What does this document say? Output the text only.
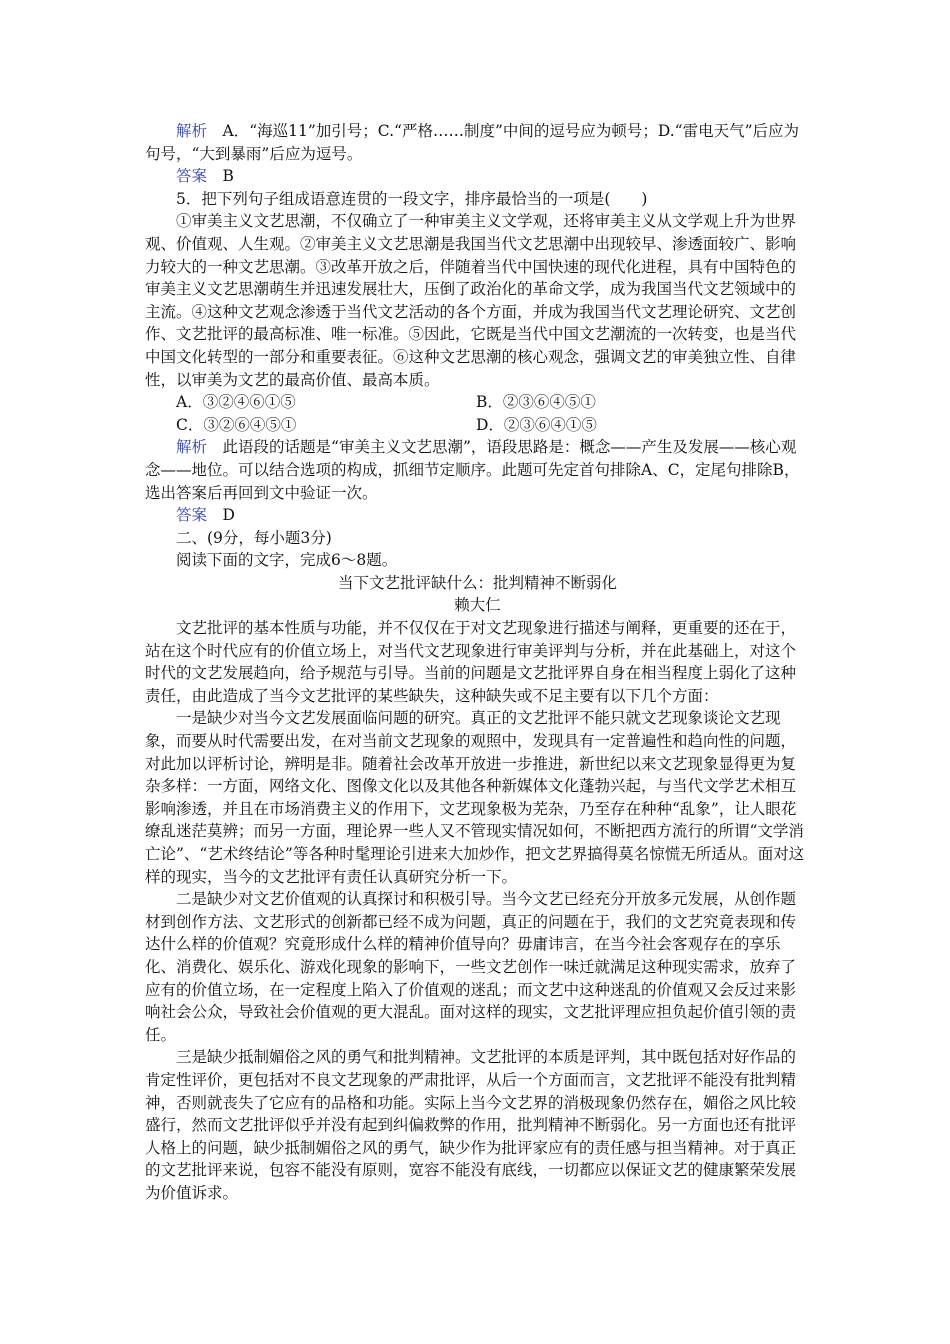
解析　 A．“海巡11”加引号；C.“严格……制度”中间的逗号应为顿号；D.“雷电天气”后应为句号，“大到暴雨”后应为逗号。

答案　 B

5．把下列句子组成语意连贯的一段文字，排序最恰当的一项是(　　)

①审美主义文艺思潮，不仅确立了一种审美主义文学观，还将审美主义从文学观上升为世界观、价值观、人生观。②审美主义文艺思潮是我国当代文艺思潮中出现较早、渗透面较广、影响力较大的一种文艺思潮。③改革开放之后，伴随着当代中国快速的现代化进程，具有中国特色的审美主义文艺思潮萌生并迅速发展壮大，压倒了政治化的革命文学，成为我国当代文艺领域中的主流。④这种文艺观念渗透于当代文艺活动的各个方面，并成为我国当代文艺理论研究、文艺创作、文艺批评的最高标准、唯一标准。⑤因此，它既是当代中国文艺潮流的一次转变，也是当代中国文化转型的一部分和重要表征。⑥这种文艺思潮的核心观念，强调文艺的审美独立性、自律性，以审美为文艺的最高价值、最高本质。

A．③②④⑥①⑤	B．②③⑥④⑤①
C．③②⑥④⑤①	D．②③⑥④①⑤

解析　 此语段的话题是“审美主义文艺思潮”，语段思路是：概念——产生及发展——核心观念——地位。可以结合选项的构成，抓细节定顺序。此题可先定首句排除A、C，定尾句排除B，选出答案后再回到文中验证一次。

答案　 D

二、(9分，每小题3分)

阅读下面的文字，完成6～8题。

当下文艺批评缺什么：批判精神不断弱化

赖大仁

文艺批评的基本性质与功能，并不仅仅在于对文艺现象进行描述与阐释，更重要的还在于，站在这个时代应有的价值立场上，对当代文艺现象进行审美评判与分析，并在此基础上，对这个时代的文艺发展趋向，给予规范与引导。当前的问题是文艺批评界自身在相当程度上弱化了这种责任，由此造成了当今文艺批评的某些缺失，这种缺失或不足主要有以下几个方面：

一是缺少对当今文艺发展面临问题的研究。真正的文艺批评不能只就文艺现象谈论文艺现象，而要从时代需要出发，在对当前文艺现象的观照中，发现具有一定普遍性和趋向性的问题，对此加以评析讨论，辨明是非。随着社会改革开放进一步推进，新世纪以来文艺现象显得更为复杂多样：一方面，网络文化、图像文化以及其他各种新媒体文化蓬勃兴起，与当代文学艺术相互影响渗透，并且在市场消费主义的作用下，文艺现象极为芜杂，乃至存在种种“乱象”，让人眼花缭乱迷茫莫辨；而另一方面，理论界一些人又不管现实情况如何，不断把西方流行的所谓“文学消亡论”、“艺术终结论”等各种时髦理论引进来大加炒作，把文艺界搞得莫名惊慌无所适从。面对这样的现实，当今的文艺批评有责任认真研究分析一下。

二是缺少对文艺价值观的认真探讨和积极引导。当今文艺已经充分开放多元发展，从创作题材到创作方法、文艺形式的创新都已经不成为问题，真正的问题在于，我们的文艺究竟表现和传达什么样的价值观？究竟形成什么样的精神价值导向？毋庸讳言，在当今社会客观存在的享乐化、消费化、娱乐化、游戏化现象的影响下，一些文艺创作一味迁就满足这种现实需求，放弃了应有的价值立场，在一定程度上陷入了价值观的迷乱；而文艺中这种迷乱的价值观又会反过来影响社会公众，导致社会价值观的更大混乱。面对这样的现实，文艺批评理应担负起价值引领的责任。

三是缺少抵制媚俗之风的勇气和批判精神。文艺批评的本质是评判，其中既包括对好作品的肯定性评价，更包括对不良文艺现象的严肃批评，从后一个方面而言，文艺批评不能没有批判精神，否则就丧失了它应有的品格和功能。实际上当今文艺界的消极现象仍然存在，媚俗之风比较盛行，然而文艺批评似乎并没有起到纠偏救弊的作用，批判精神不断弱化。另一方面也还有批评人格上的问题，缺少抵制媚俗之风的勇气，缺少作为批评家应有的责任感与担当精神。对于真正的文艺批评来说，包容不能没有原则，宽容不能没有底线，一切都应以保证文艺的健康繁荣发展为价值诉求。
